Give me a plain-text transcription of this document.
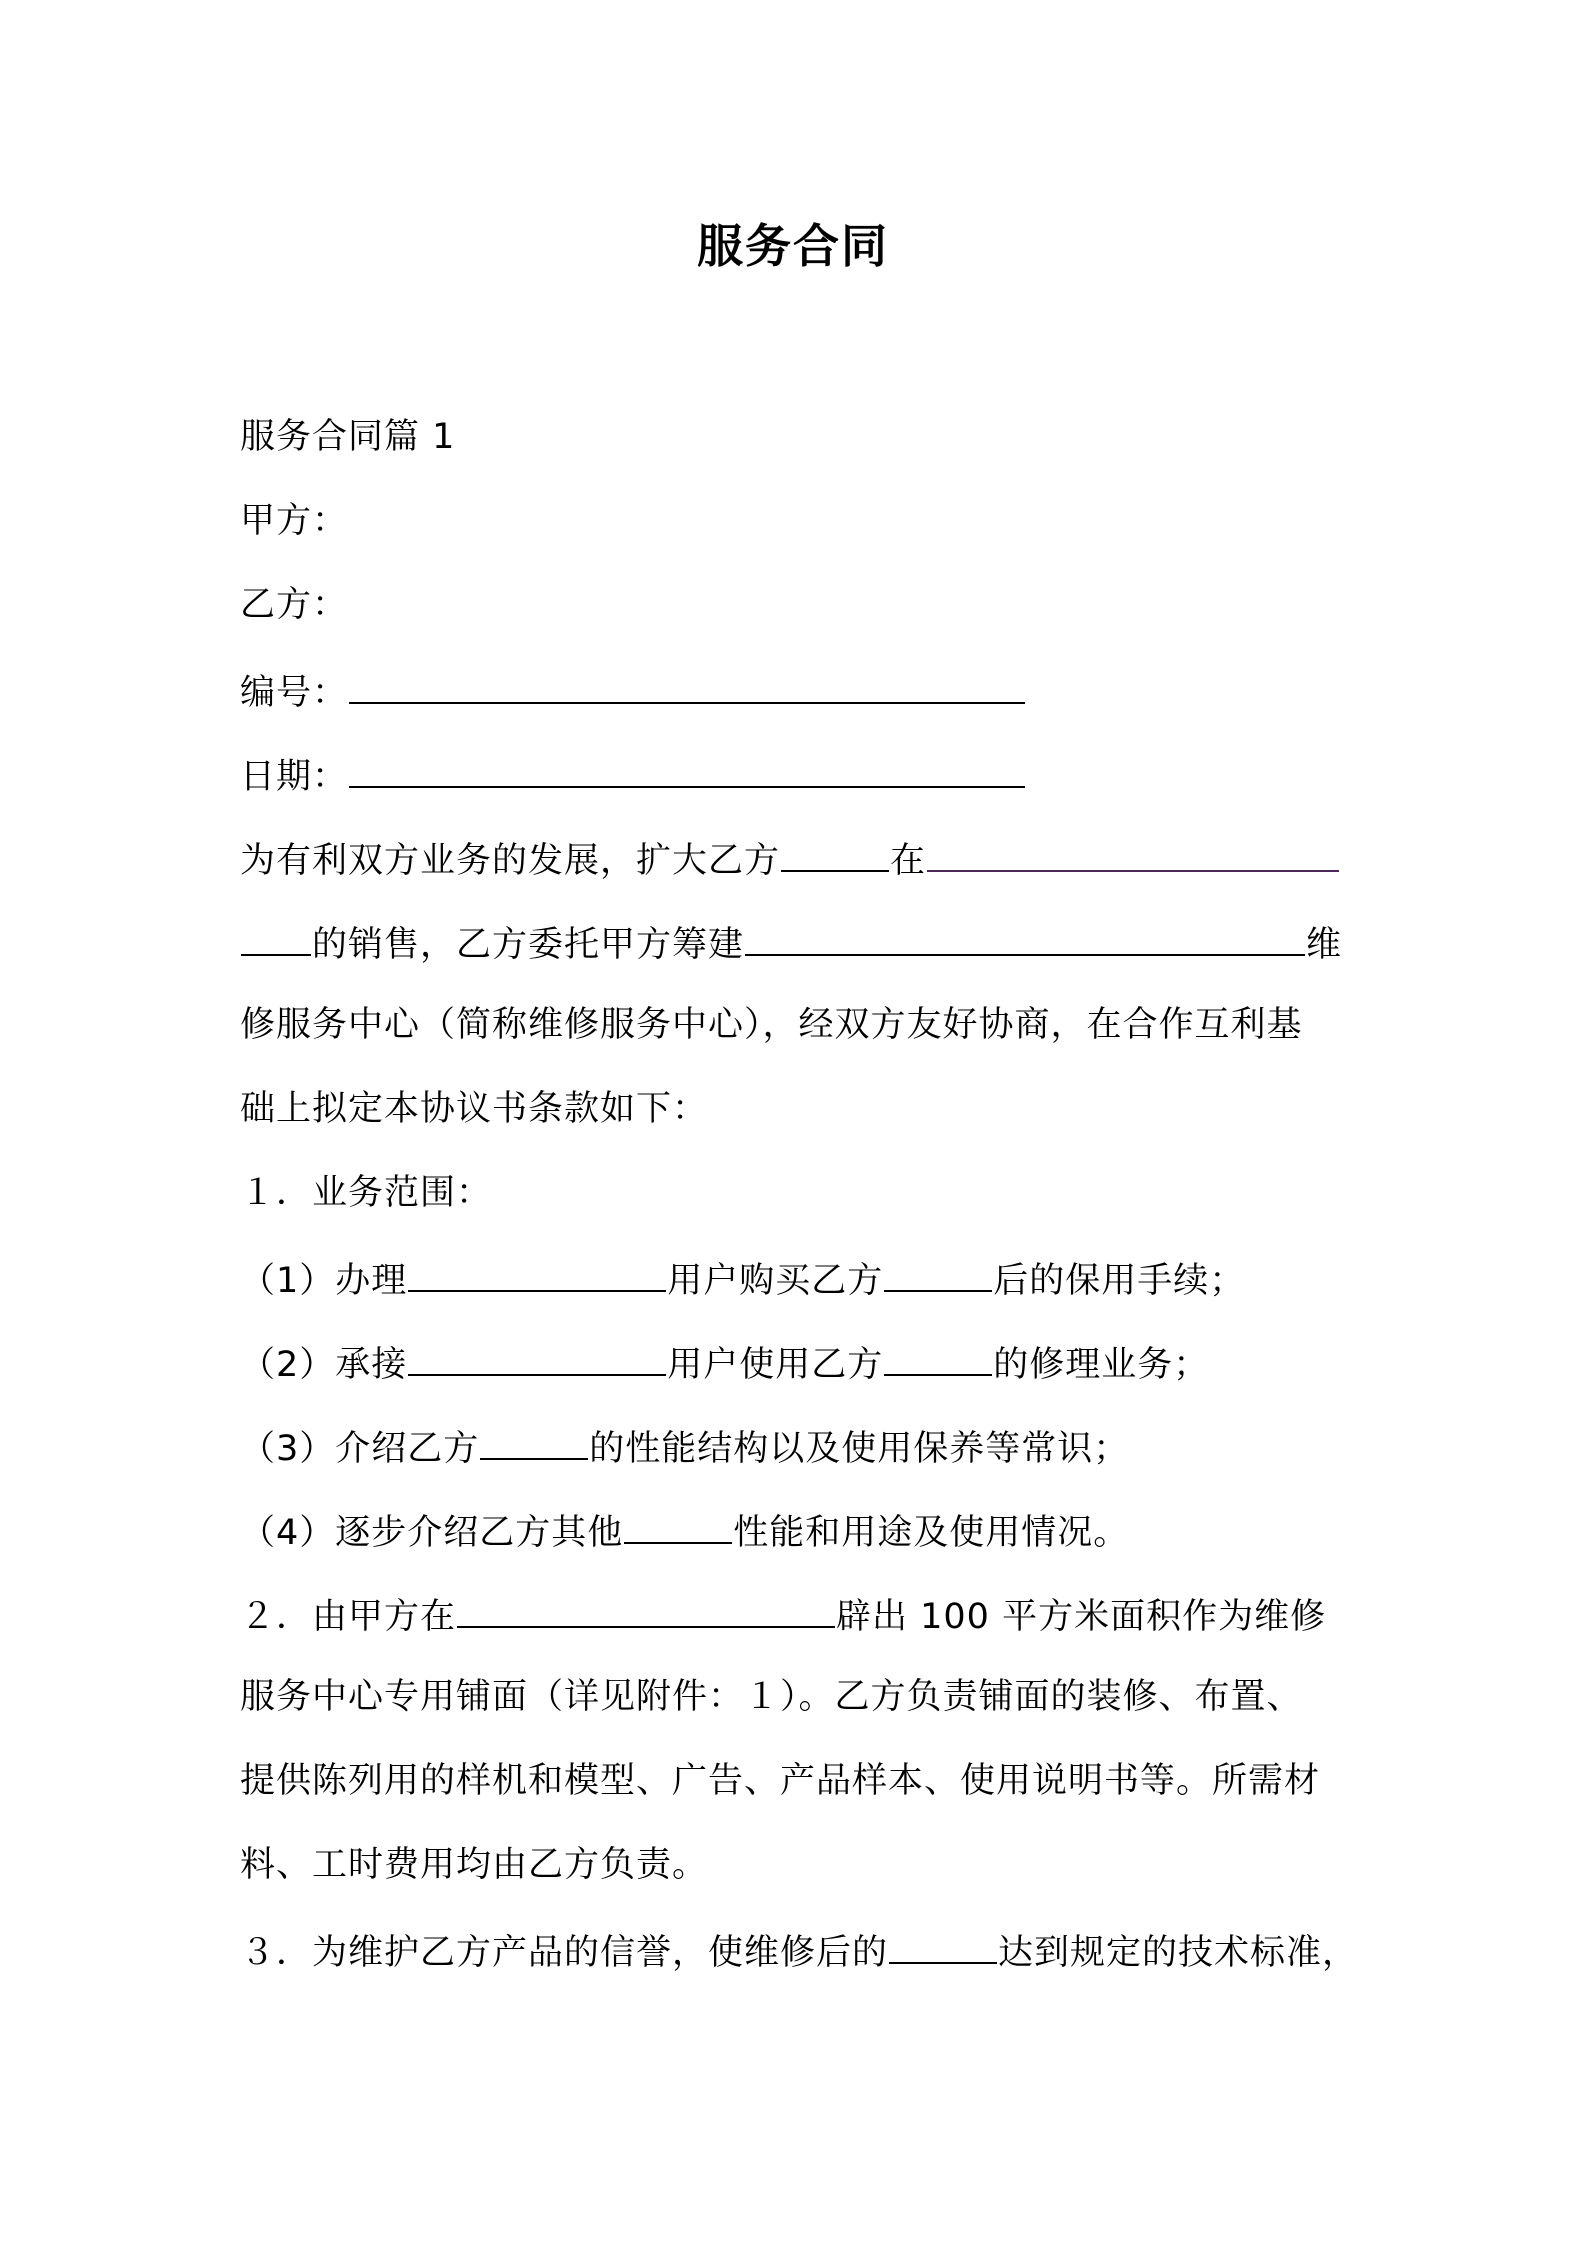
服务合同
服务合同篇 1
甲方：
乙方：
编号：
日期：
为有利双方业务的发展，扩大乙方	在
的销售，乙方委托甲方筹建	维
修服务中心（简称维修服务中心），经双方友好协商，在合作互利基
础上拟定本协议书条款如下：
１．业务范围：
（1）办理	用户购买乙方	后的保用手续；
（2）承接	用户使用乙方	的修理业务；
（3）介绍乙方	的性能结构以及使用保养等常识；
（4）逐步介绍乙方其他	性能和用途及使用情况。
２．由甲方在	辟出 100 平方米面积作为维修
服务中心专用铺面（详见附件：１）。乙方负责铺面的装修、布置、
提供陈列用的样机和模型、广告、产品样本、使用说明书等。所需材
料、工时费用均由乙方负责。
３．为维护乙方产品的信誉，使维修后的	达到规定的技术标准，
